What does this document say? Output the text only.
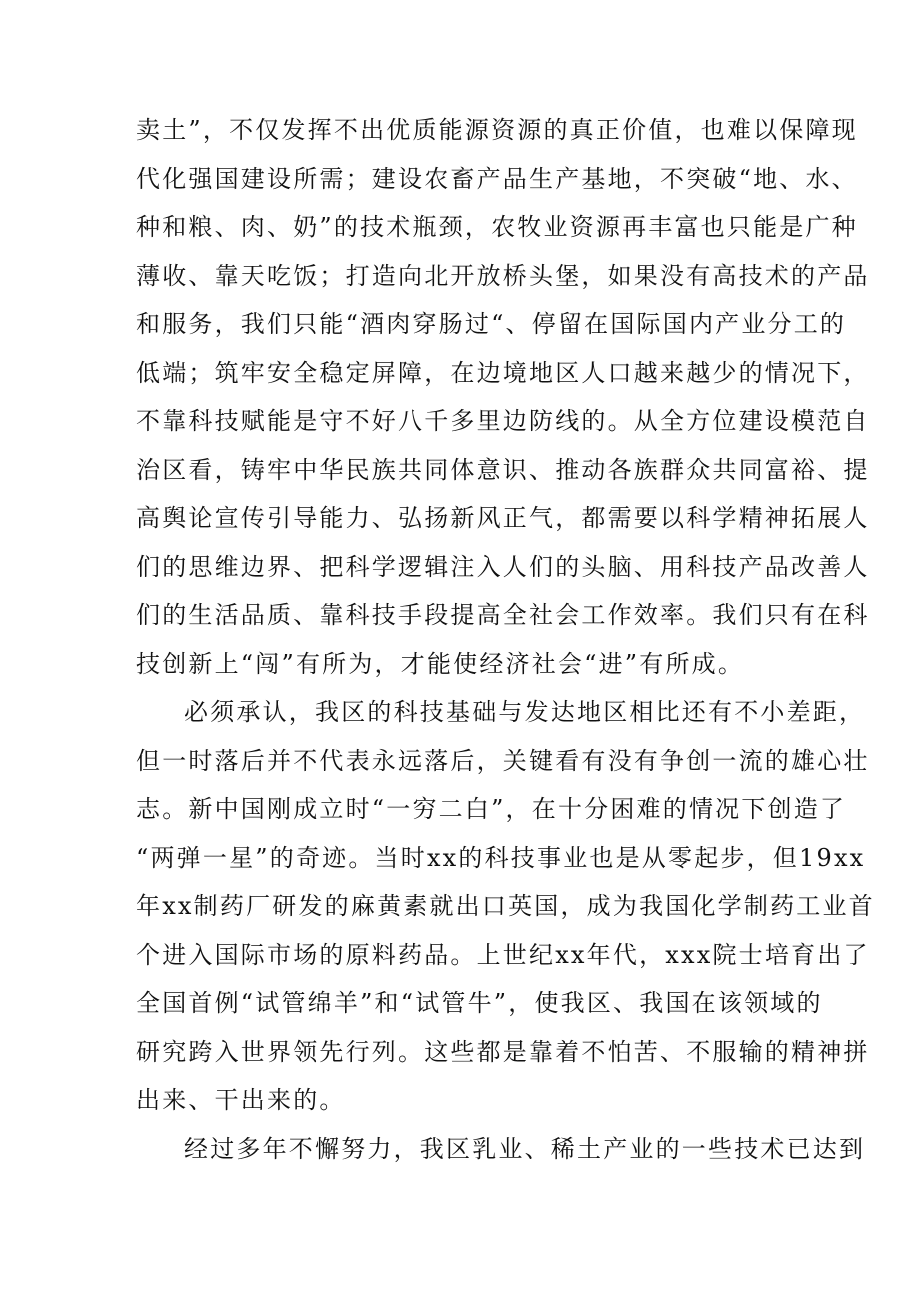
卖土”，不仅发挥不出优质能源资源的真正价值，也难以保障现
代化强国建设所需；建设农畜产品生产基地，不突破“地、水、
种和粮、肉、奶”的技术瓶颈，农牧业资源再丰富也只能是广种
薄收、靠天吃饭；打造向北开放桥头堡，如果没有高技术的产品
和服务，我们只能“酒肉穿肠过“、停留在国际国内产业分工的
低端；筑牢安全稳定屏障，在边境地区人口越来越少的情况下，
不靠科技赋能是守不好八千多里边防线的。从全方位建设模范自
治区看，铸牢中华民族共同体意识、推动各族群众共同富裕、提
高舆论宣传引导能力、弘扬新风正气，都需要以科学精神拓展人
们的思维边界、把科学逻辑注入人们的头脑、用科技产品改善人
们的生活品质、靠科技手段提高全社会工作效率。我们只有在科
技创新上“闯”有所为，才能使经济社会“进”有所成。
必须承认，我区的科技基础与发达地区相比还有不小差距，
但一时落后并不代表永远落后，关键看有没有争创一流的雄心壮
志。新中国刚成立时“一穷二白”，在十分困难的情况下创造了
“两弹一星”的奇迹。当时xx的科技事业也是从零起步，但19xx
年xx制药厂研发的麻黄素就出口英国，成为我国化学制药工业首
个进入国际市场的原料药品。上世纪xx年代，xxx院士培育出了
全国首例“试管绵羊”和“试管牛”，使我区、我国在该领域的
研究跨入世界领先行列。这些都是靠着不怕苦、不服输的精神拼
出来、干出来的。
经过多年不懈努力，我区乳业、稀土产业的一些技术已达到
